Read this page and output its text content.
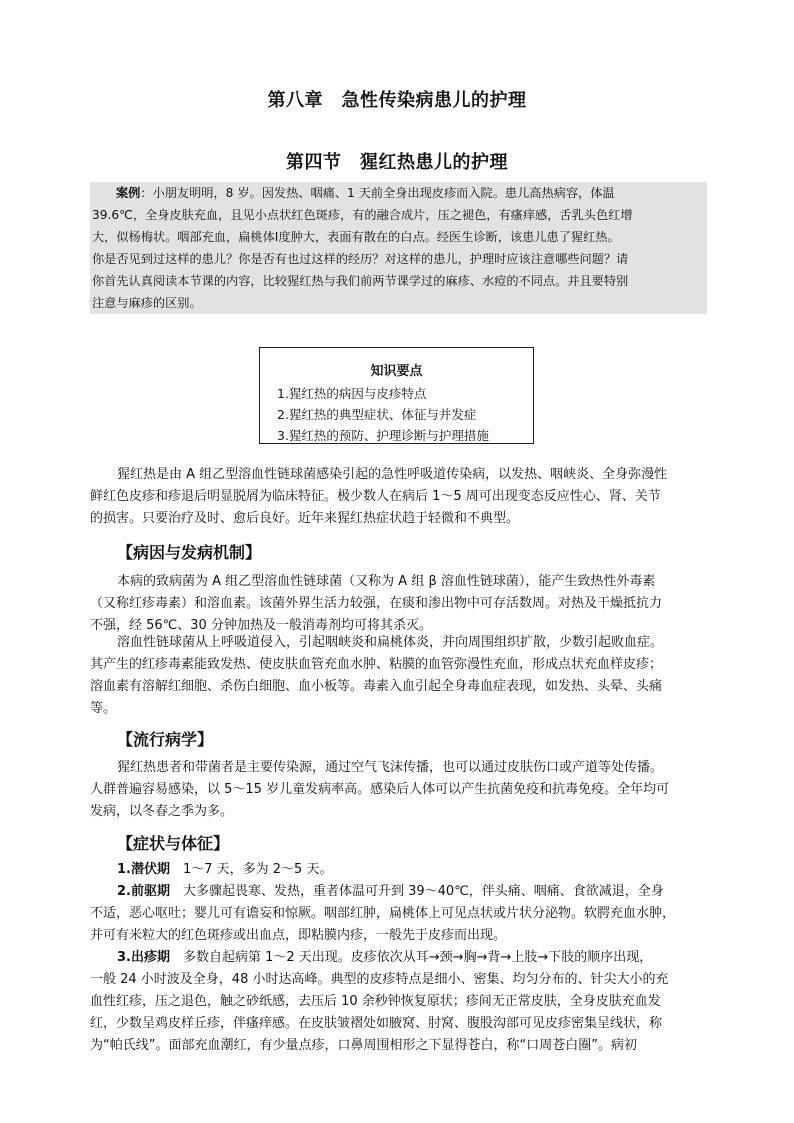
第八章　急性传染病患儿的护理
第四节　猩红热患儿的护理
案例：小朋友明明，8 岁。因发热、咽痛、1 天前全身出现皮疹而入院。患儿高热病容，体温
39.6℃，全身皮肤充血，且见小点状红色斑疹，有的融合成片，压之褪色，有瘙痒感，舌乳头色红增
大，似杨梅状。咽部充血，扁桃体Ⅰ度肿大，表面有散在的白点。经医生诊断，该患儿患了猩红热。
你是否见到过这样的患儿？你是否有也过这样的经历？对这样的患儿，护理时应该注意哪些问题？请
你首先认真阅读本节课的内容，比较猩红热与我们前两节课学过的麻疹、水痘的不同点。并且要特别
注意与麻疹的区别。
知识要点
1.猩红热的病因与皮疹特点
2.猩红热的典型症状、体征与并发症
3.猩红热的预防、护理诊断与护理措施
猩红热是由 A 组乙型溶血性链球菌感染引起的急性呼吸道传染病，以发热、咽峡炎、全身弥漫性
鲜红色皮疹和疹退后明显脱屑为临床特征。极少数人在病后 1～5 周可出现变态反应性心、肾、关节
的损害。只要治疗及时、愈后良好。近年来猩红热症状趋于轻微和不典型。
【病因与发病机制】
本病的致病菌为 A 组乙型溶血性链球菌（又称为 A 组 β 溶血性链球菌），能产生致热性外毒素
（又称红疹毒素）和溶血素。该菌外界生活力较强，在痰和渗出物中可存活数周。对热及干燥抵抗力
不强，经 56℃、30 分钟加热及一般消毒剂均可将其杀灭。
溶血性链球菌从上呼吸道侵入，引起咽峡炎和扁桃体炎，并向周围组织扩散，少数引起败血症。
其产生的红疹毒素能致发热、使皮肤血管充血水肿、粘膜的血管弥漫性充血，形成点状充血样皮疹；
溶血素有溶解红细胞、杀伤白细胞、血小板等。毒素入血引起全身毒血症表现，如发热、头晕、头痛
等。
【流行病学】
猩红热患者和带菌者是主要传染源，通过空气飞沫传播，也可以通过皮肤伤口或产道等处传播。
人群普遍容易感染，以 5～15 岁儿童发病率高。感染后人体可以产生抗菌免疫和抗毒免疫。全年均可
发病，以冬春之季为多。
【症状与体征】
1.潜伏期　1～7 天，多为 2～5 天。
2.前驱期　大多骤起畏寒、发热，重者体温可升到 39～40℃，伴头痛、咽痛、食欲减退，全身
不适，恶心呕吐；婴儿可有谵妄和惊厥。咽部红肿，扁桃体上可见点状或片状分泌物。软腭充血水肿，
并可有米粒大的红色斑疹或出血点，即粘膜内疹，一般先于皮疹而出现。
3.出疹期　多数自起病第 1～2 天出现。皮疹依次从耳→颈→胸→背→上肢→下肢的顺序出现，
一般 24 小时波及全身，48 小时达高峰。典型的皮疹特点是细小、密集、均匀分布的、针尖大小的充
血性红疹，压之退色，触之砂纸感，去压后 10 余秒钟恢复原状；疹间无正常皮肤，全身皮肤充血发
红，少数呈鸡皮样丘疹，伴瘙痒感。在皮肤皱褶处如腋窝、肘窝、腹股沟部可见皮疹密集呈线状，称
为“帕氏线”。面部充血潮红，有少量点疹，口鼻周围相形之下显得苍白，称“口周苍白圈”。病初
